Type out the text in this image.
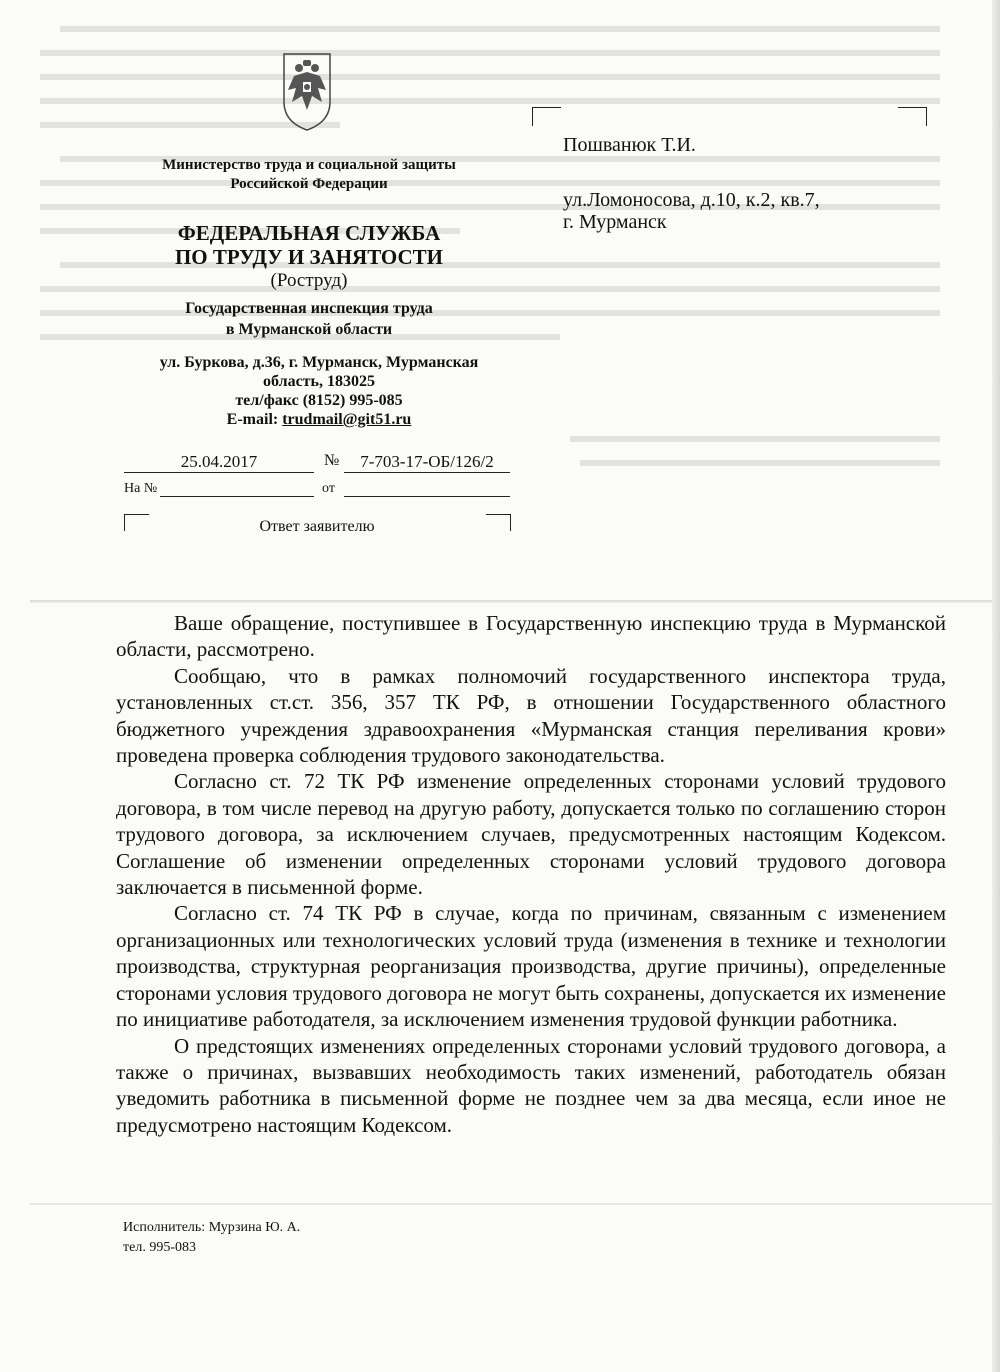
Министерство труда и социальной защиты
Российской Федерации
ФЕДЕРАЛЬНАЯ СЛУЖБА
ПО ТРУДУ И ЗАНЯТОСТИ
(Роструд)
Государственная инспекция труда
в Мурманской области
ул. Буркова, д.36, г. Мурманск, Мурманская
область, 183025
тел/факс (8152) 995-085
E-mail: trudmail@git51.ru
25.04.2017	№	7-703-17-ОБ/126/2
На №	от
Ответ заявителю
Пошванюк Т.И.
ул.Ломоносова, д.10, к.2, кв.7,
г. Мурманск

Ваше обращение, поступившее в Государственную инспекцию труда в Мурманской области, рассмотрено.

Сообщаю, что в рамках полномочий государственного инспектора труда, установленных ст.ст. 356, 357 ТК РФ, в отношении Государственного областного бюджетного учреждения здравоохранения «Мурманская станция переливания крови» проведена проверка соблюдения трудового законодательства.

Согласно ст. 72 ТК РФ изменение определенных сторонами условий трудового договора, в том числе перевод на другую работу, допускается только по соглашению сторон трудового договора, за исключением случаев, предусмотренных настоящим Кодексом. Соглашение об изменении определенных сторонами условий трудового договора заключается в письменной форме.

Согласно ст. 74 ТК РФ в случае, когда по причинам, связанным с изменением организационных или технологических условий труда (изменения в технике и технологии производства, структурная реорганизация производства, другие причины), определенные сторонами условия трудового договора не могут быть сохранены, допускается их изменение по инициативе работодателя, за исключением изменения трудовой функции работника.

О предстоящих изменениях определенных сторонами условий трудового договора, а также о причинах, вызвавших необходимость таких изменений, работодатель обязан уведомить работника в письменной форме не позднее чем за два месяца, если иное не предусмотрено настоящим Кодексом.

Исполнитель: Мурзина Ю. А.
тел. 995-083
